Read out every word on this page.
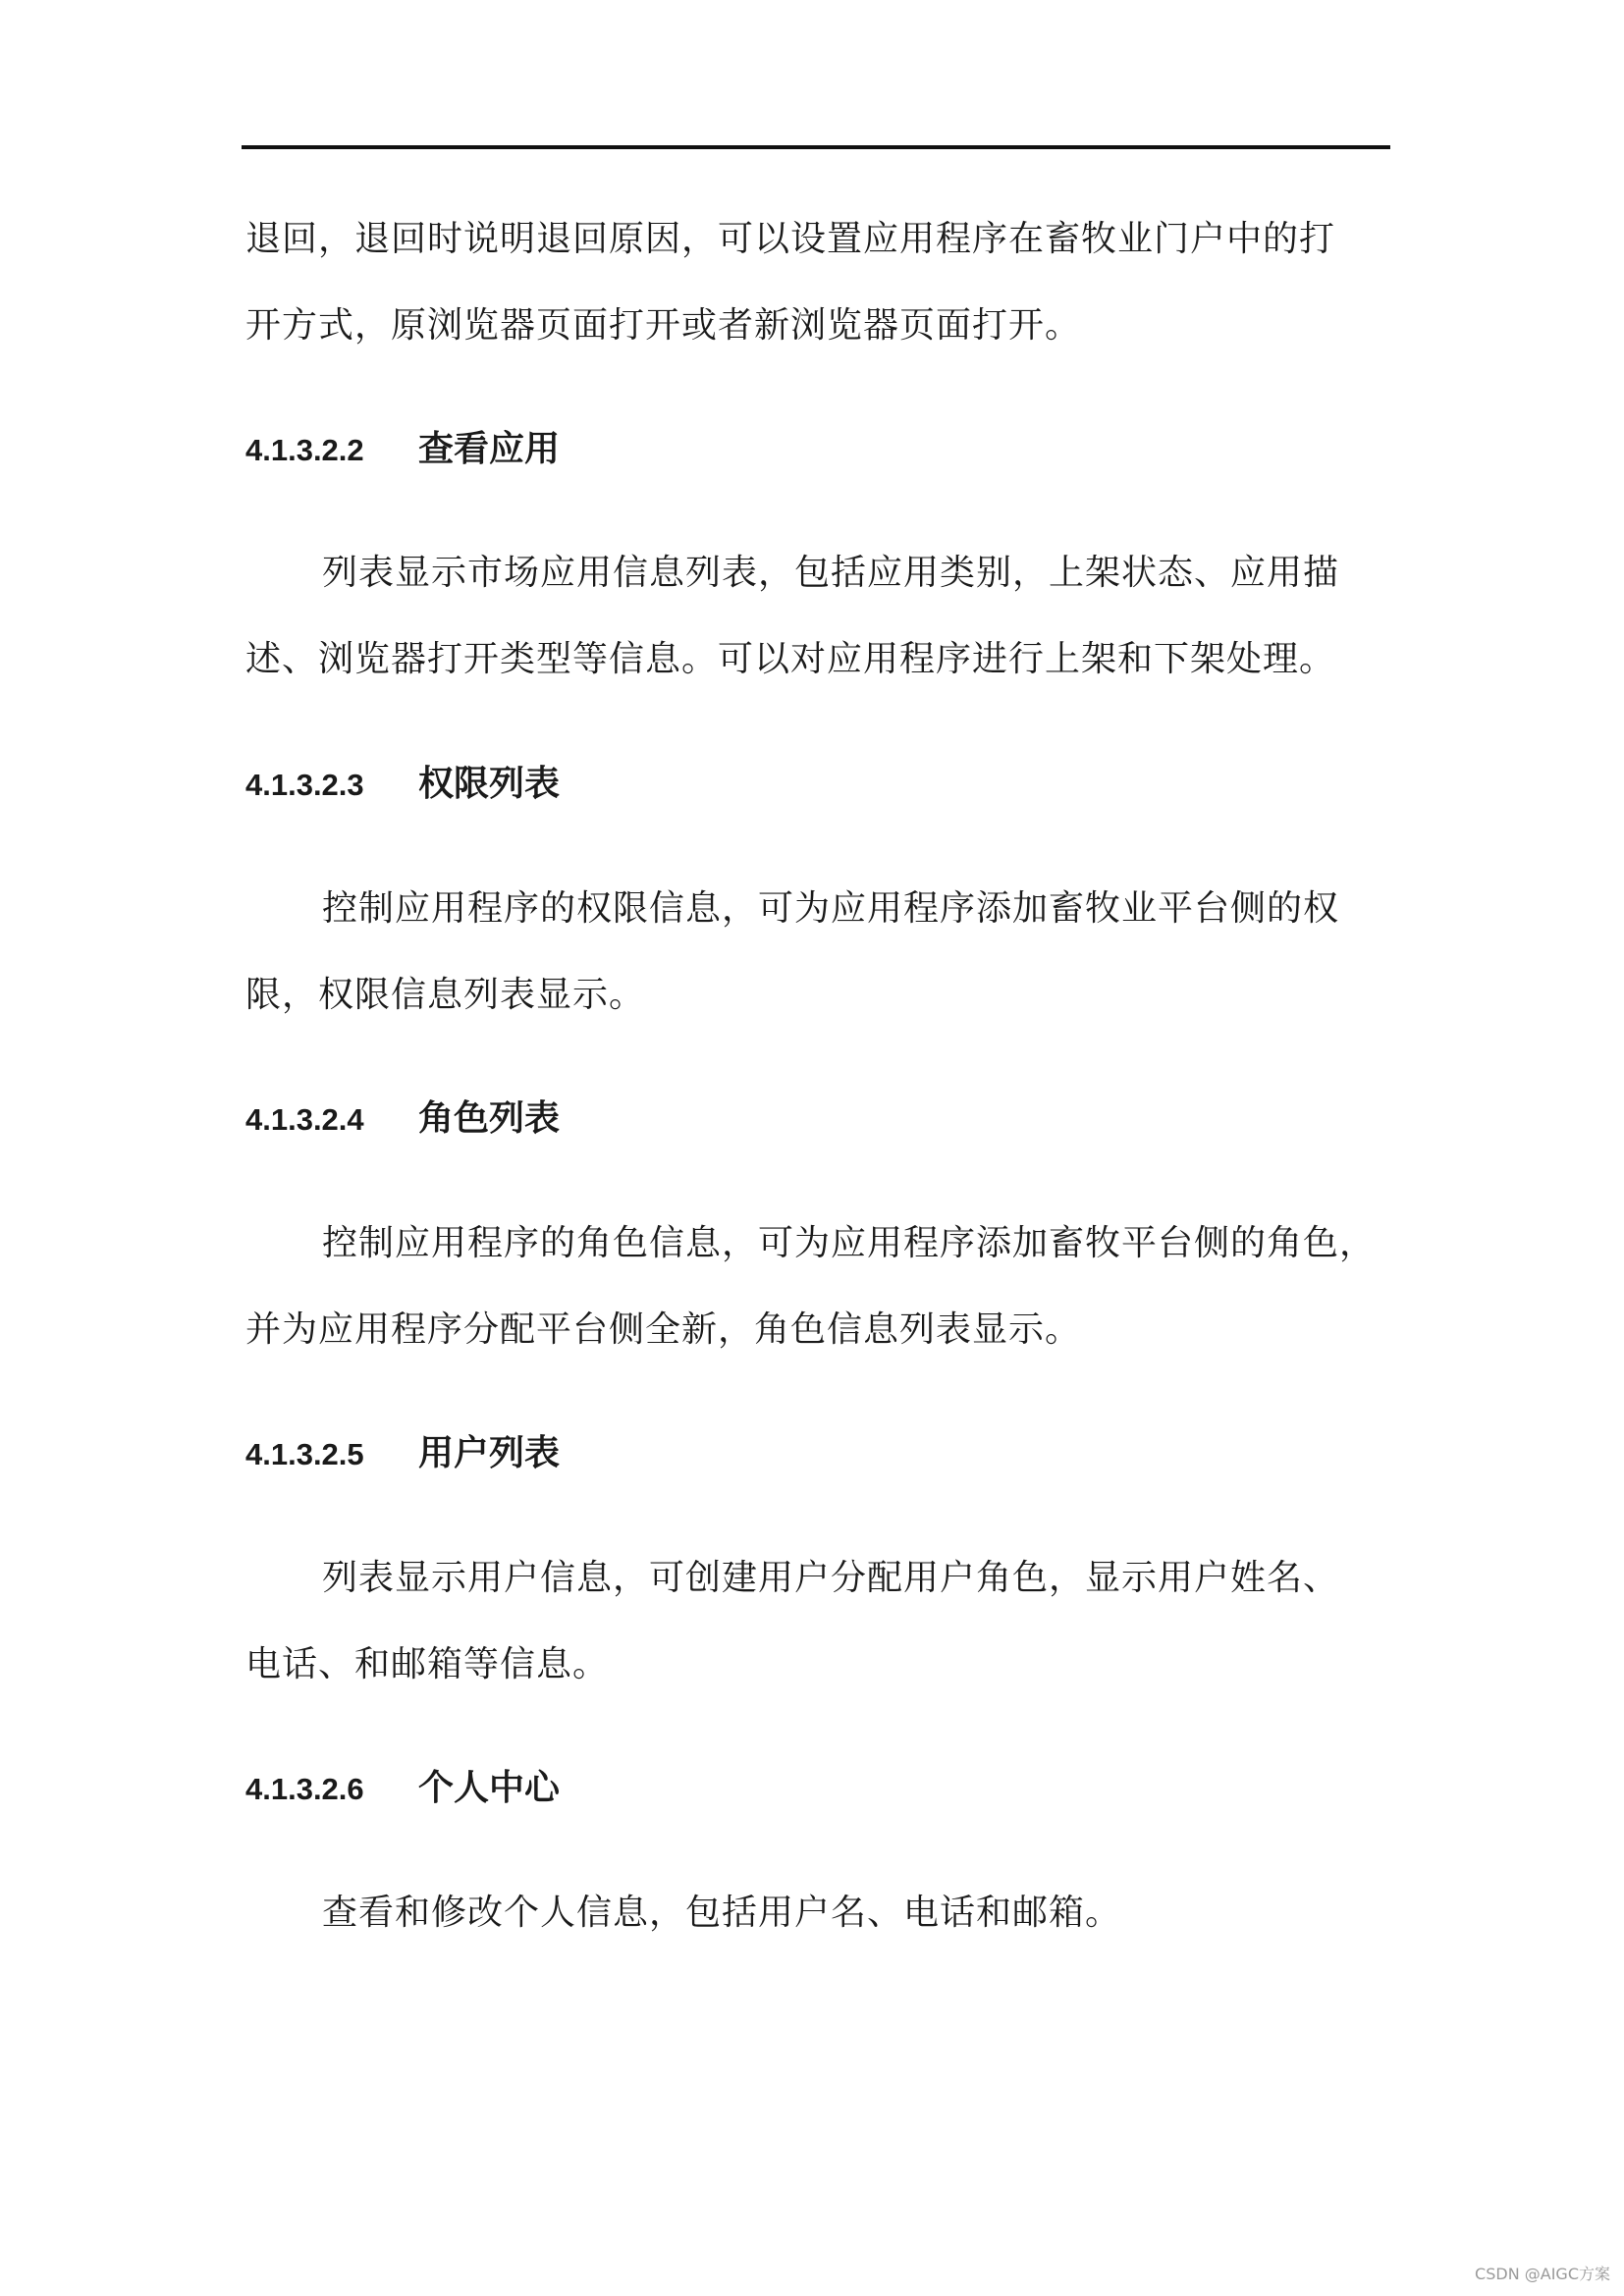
退回，退回时说明退回原因，可以设置应用程序在畜牧业门户中的打
开方式，原浏览器页面打开或者新浏览器页面打开。

4.1.3.2.2 查看应用

列表显示市场应用信息列表，包括应用类别，上架状态、应用描
述、浏览器打开类型等信息。可以对应用程序进行上架和下架处理。

4.1.3.2.3 权限列表

控制应用程序的权限信息，可为应用程序添加畜牧业平台侧的权
限，权限信息列表显示。

4.1.3.2.4 角色列表

控制应用程序的角色信息，可为应用程序添加畜牧平台侧的角色，
并为应用程序分配平台侧全新，角色信息列表显示。

4.1.3.2.5 用户列表

列表显示用户信息，可创建用户分配用户角色，显示用户姓名、
电话、和邮箱等信息。

4.1.3.2.6 个人中心

查看和修改个人信息，包括用户名、电话和邮箱。

CSDN @AIGC方案
